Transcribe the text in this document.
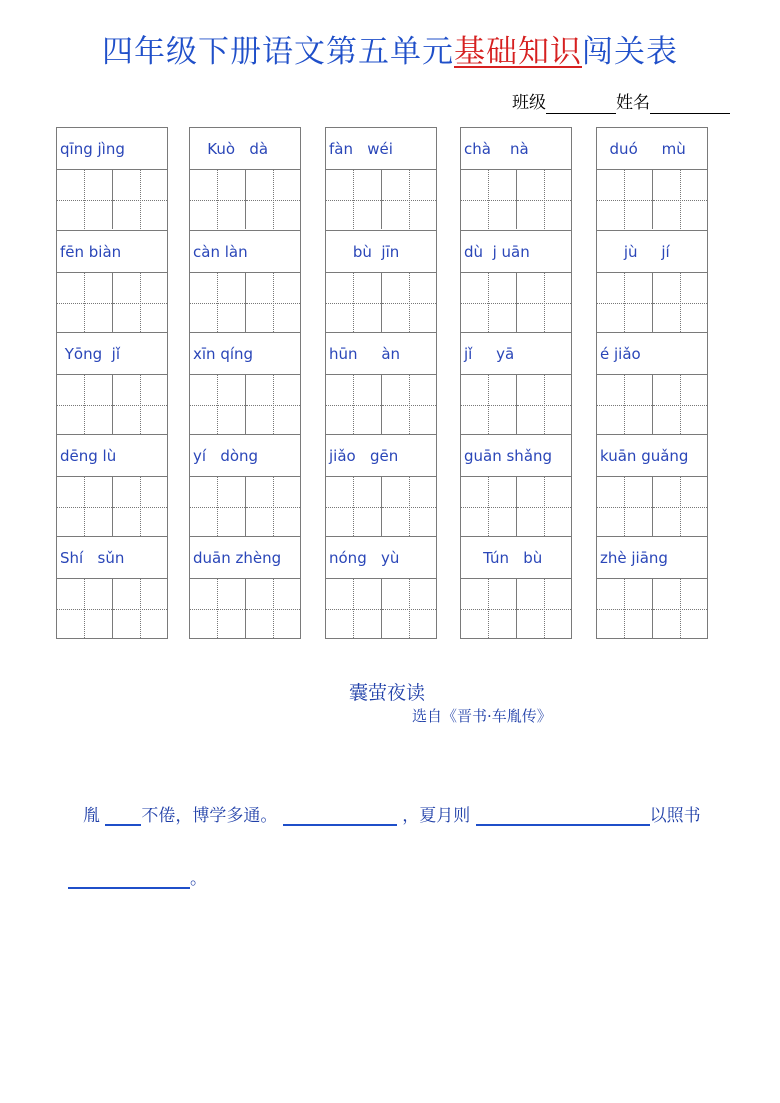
四年级下册语文第五单元基础知识闯关表
班级	姓名
qīng jìng
fēn biàn
Yōng  jǐ
dēng lù
Shí   sǔn
Kuò   dà
càn làn
xīn qíng
yí   dòng
duān zhèng
fàn   wéi
bù  jīn
hūn     àn
jiǎo   gēn
nóng   yù
chà    nà
dù  j uān
jǐ     yā
guān shǎng
Tún   bù
duó     mù
jù     jí
é jiǎo
kuān guǎng
zhè jiāng
囊萤夜读
选自《晋书·车胤传》
胤 不倦，博学多通。	，夏月则	以照书
。
